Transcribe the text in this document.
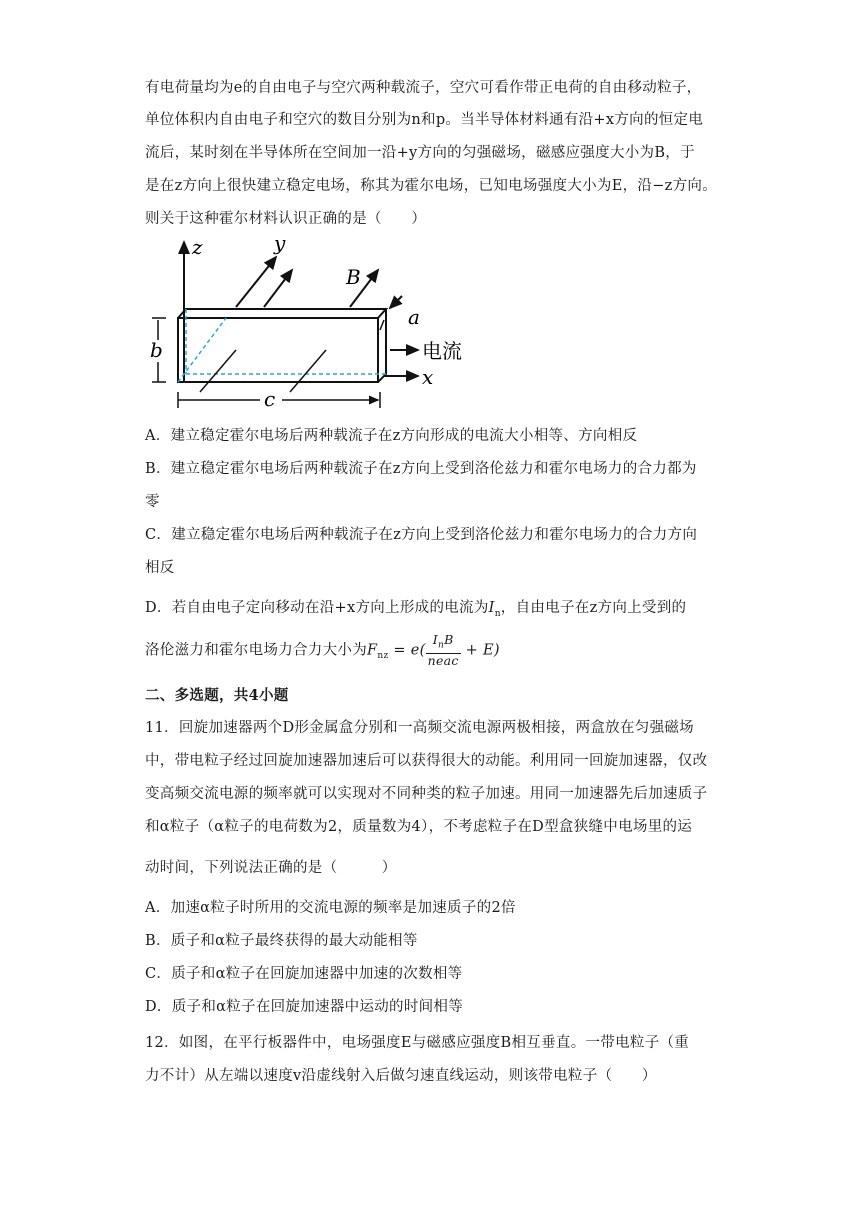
有电荷量均为e的自由电子与空穴两种载流子，空穴可看作带正电荷的自由移动粒子，
单位体积内自由电子和空穴的数目分别为n和p。当半导体材料通有沿+x方向的恒定电
流后，某时刻在半导体所在空间加一沿+y方向的匀强磁场，磁感应强度大小为B，于
是在z方向上很快建立稳定电场，称其为霍尔电场，已知电场强度大小为E，沿−z方向。
则关于这种霍尔材料认识正确的是（　　）
z	y
B
a
电流
x
b
c
A．建立稳定霍尔电场后两种载流子在z方向形成的电流大小相等、方向相反
B．建立稳定霍尔电场后两种载流子在z方向上受到洛伦兹力和霍尔电场力的合力都为
零
C．建立稳定霍尔电场后两种载流子在z方向上受到洛伦兹力和霍尔电场力的合力方向
相反
D．若自由电子定向移动在沿+x方向上形成的电流为$I_n$，自由电子在z方向上受到的
洛伦滋力和霍尔电场力合力大小为$F_{nz} = e( \frac{I_nB}{\text{neac}} + E)$
二、多选题，共4小题
11．回旋加速器两个D形金属盒分别和一高频交流电源两极相接，两盒放在匀强磁场
中，带电粒子经过回旋加速器加速后可以获得很大的动能。利用同一回旋加速器，仅改
变高频交流电源的频率就可以实现对不同种类的粒子加速。用同一加速器先后加速质子
和α粒子（α粒子的电荷数为2，质量数为4），不考虑粒子在D型盒狭缝中电场里的运
动时间，下列说法正确的是（　　　）
A．加速α粒子时所用的交流电源的频率是加速质子的2倍
B．质子和α粒子最终获得的最大动能相等
C．质子和α粒子在回旋加速器中加速的次数相等
D．质子和α粒子在回旋加速器中运动的时间相等
12．如图，在平行板器件中，电场强度E与磁感应强度B相互垂直。一带电粒子（重
力不计）从左端以速度v沿虚线射入后做匀速直线运动，则该带电粒子（　　）
